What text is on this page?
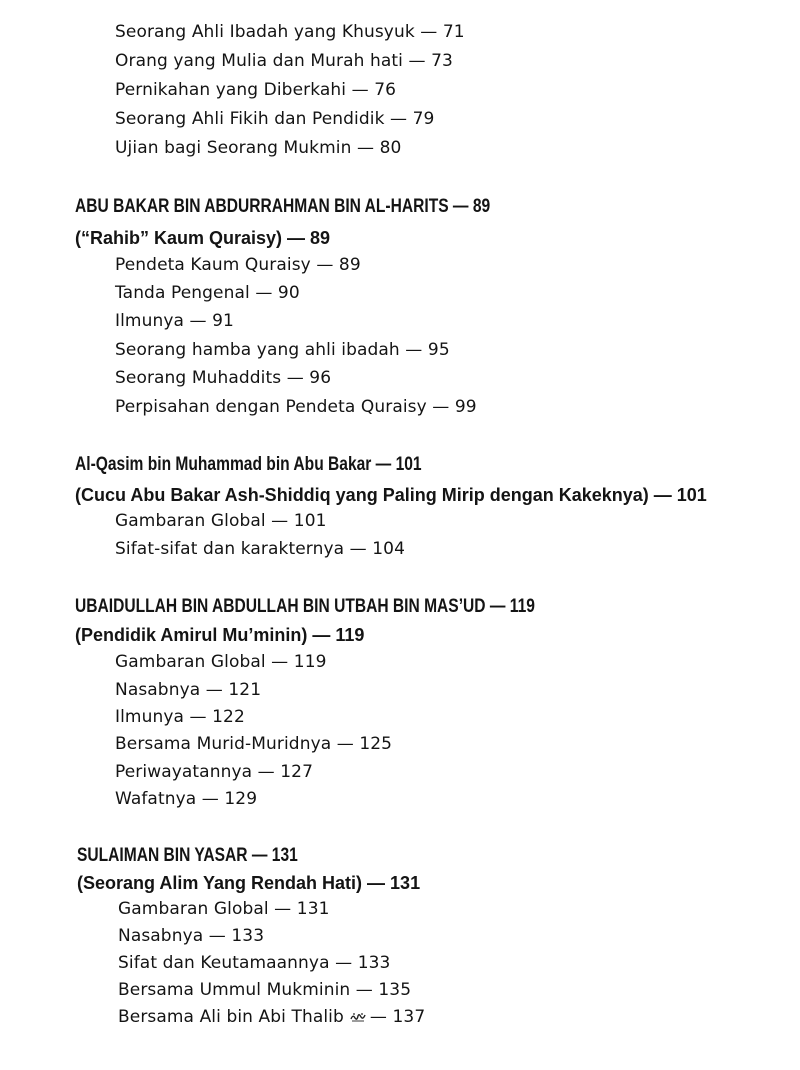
Seorang Ahli Ibadah yang Khusyuk — 71
Orang yang Mulia dan Murah hati — 73
Pernikahan yang Diberkahi — 76
Seorang Ahli Fikih dan Pendidik — 79
Ujian bagi Seorang Mukmin — 80
ABU BAKAR BIN ABDURRAHMAN BIN AL-HARITS — 89
(“Rahib” Kaum Quraisy) — 89
Pendeta Kaum Quraisy — 89
Tanda Pengenal — 90
Ilmunya — 91
Seorang hamba yang ahli ibadah — 95
Seorang Muhaddits — 96
Perpisahan dengan Pendeta Quraisy — 99
Al-Qasim bin Muhammad bin Abu Bakar — 101
(Cucu Abu Bakar Ash-Shiddiq yang Paling Mirip dengan Kakeknya) — 101
Gambaran Global — 101
Sifat-sifat dan karakternya — 104
UBAIDULLAH BIN ABDULLAH BIN UTBAH BIN MAS’UD — 119
(Pendidik Amirul Mu’minin) — 119
Gambaran Global — 119
Nasabnya — 121
Ilmunya — 122
Bersama Murid-Muridnya — 125
Periwayatannya — 127
Wafatnya — 129
SULAIMAN BIN YASAR — 131
(Seorang Alim Yang Rendah Hati) — 131
Gambaran Global — 131
Nasabnya — 133
Sifat dan Keutamaannya — 133
Bersama Ummul Mukminin — 135
Bersama Ali bin Abi Thalib — 137
